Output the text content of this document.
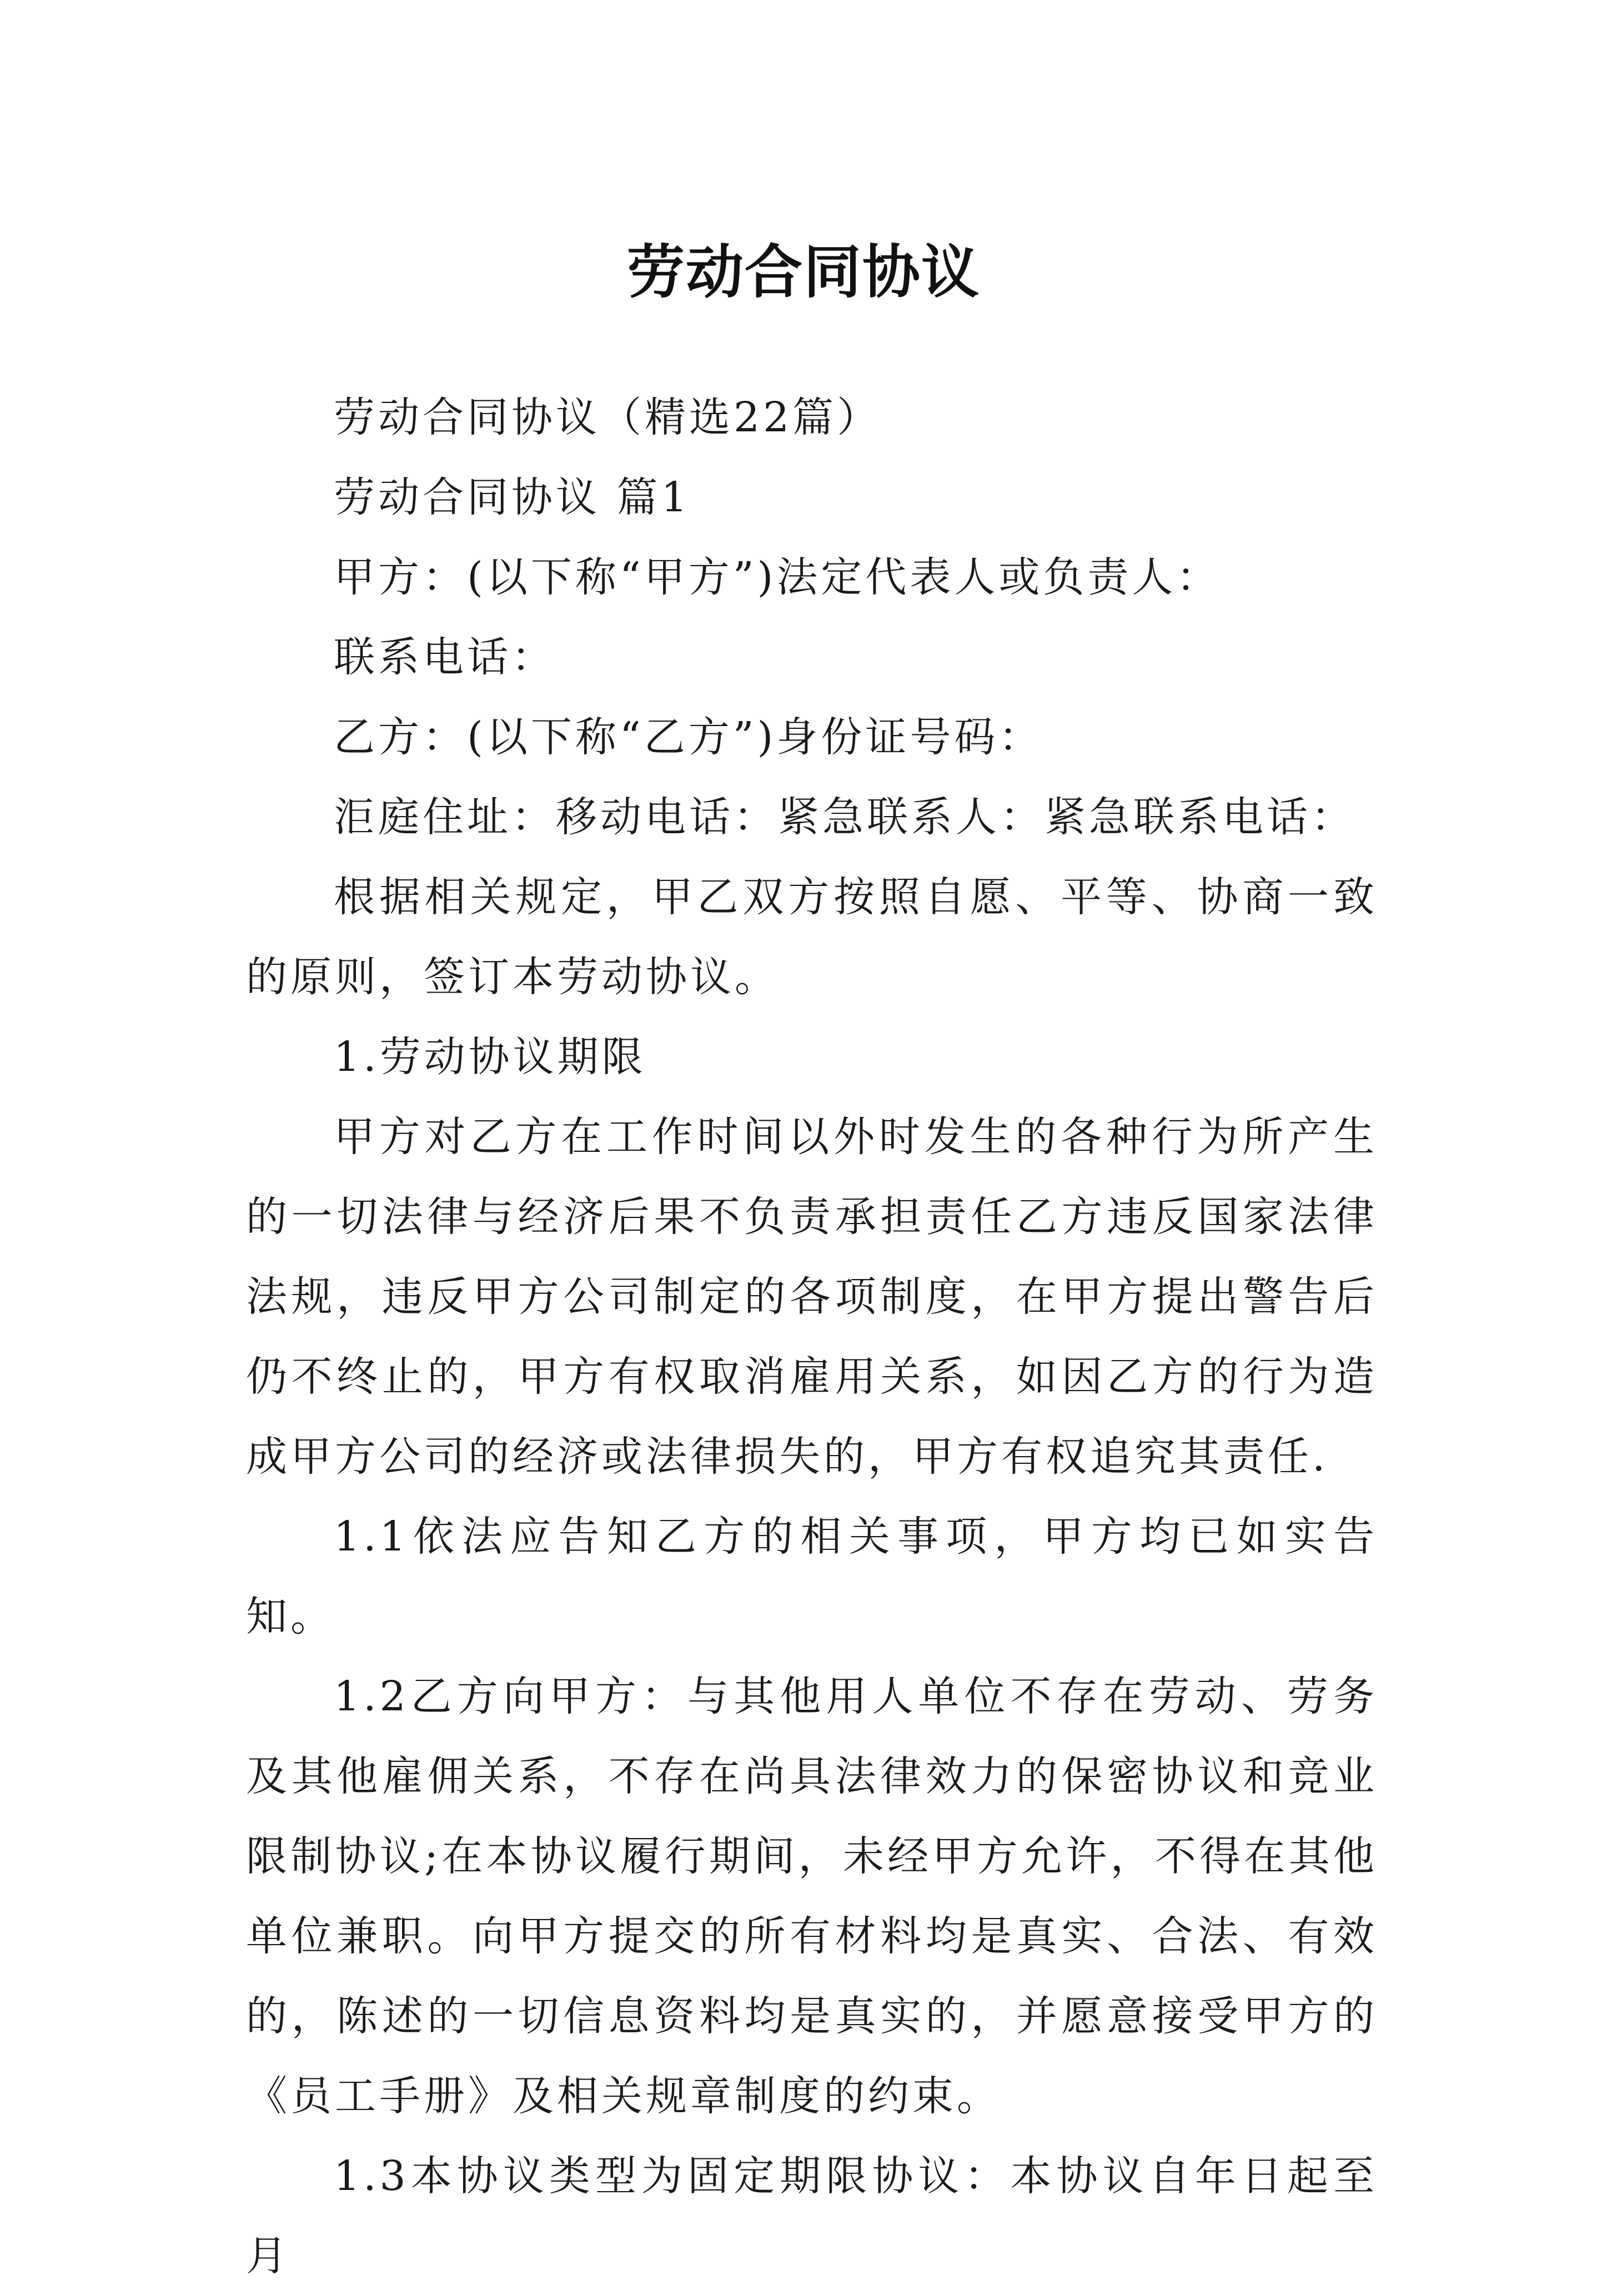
劳动合同协议

劳动合同协议（精选22篇）

劳动合同协议 篇1

甲方：(以下称“甲方”)法定代表人或负责人：

联系电话：

乙方：(以下称“乙方”)身份证号码：

洰庭住址：移动电话：紧急联系人：紧急联系电话：

根据相关规定，甲乙双方按照自愿、平等、协商一致的原则，签订本劳动协议。

1.劳动协议期限

甲方对乙方在工作时间以外时发生的各种行为所产生的一切法律与经济后果不负责承担责任乙方违反国家法律法规，违反甲方公司制定的各项制度，在甲方提出警告后仍不终止的，甲方有权取消雇用关系，如因乙方的行为造成甲方公司的经济或法律损失的，甲方有权追究其责任.

1.1依法应告知乙方的相关事项，甲方均已如实告知。

1.2乙方向甲方：与其他用人单位不存在劳动、劳务及其他雇佣关系，不存在尚具法律效力的保密协议和竞业限制协议;在本协议履行期间，未经甲方允许，不得在其他单位兼职。向甲方提交的所有材料均是真实、合法、有效的，陈述的一切信息资料均是真实的，并愿意接受甲方的《员工手册》及相关规章制度的约束。

1.3本协议类型为固定期限协议：本协议自年日起至月
